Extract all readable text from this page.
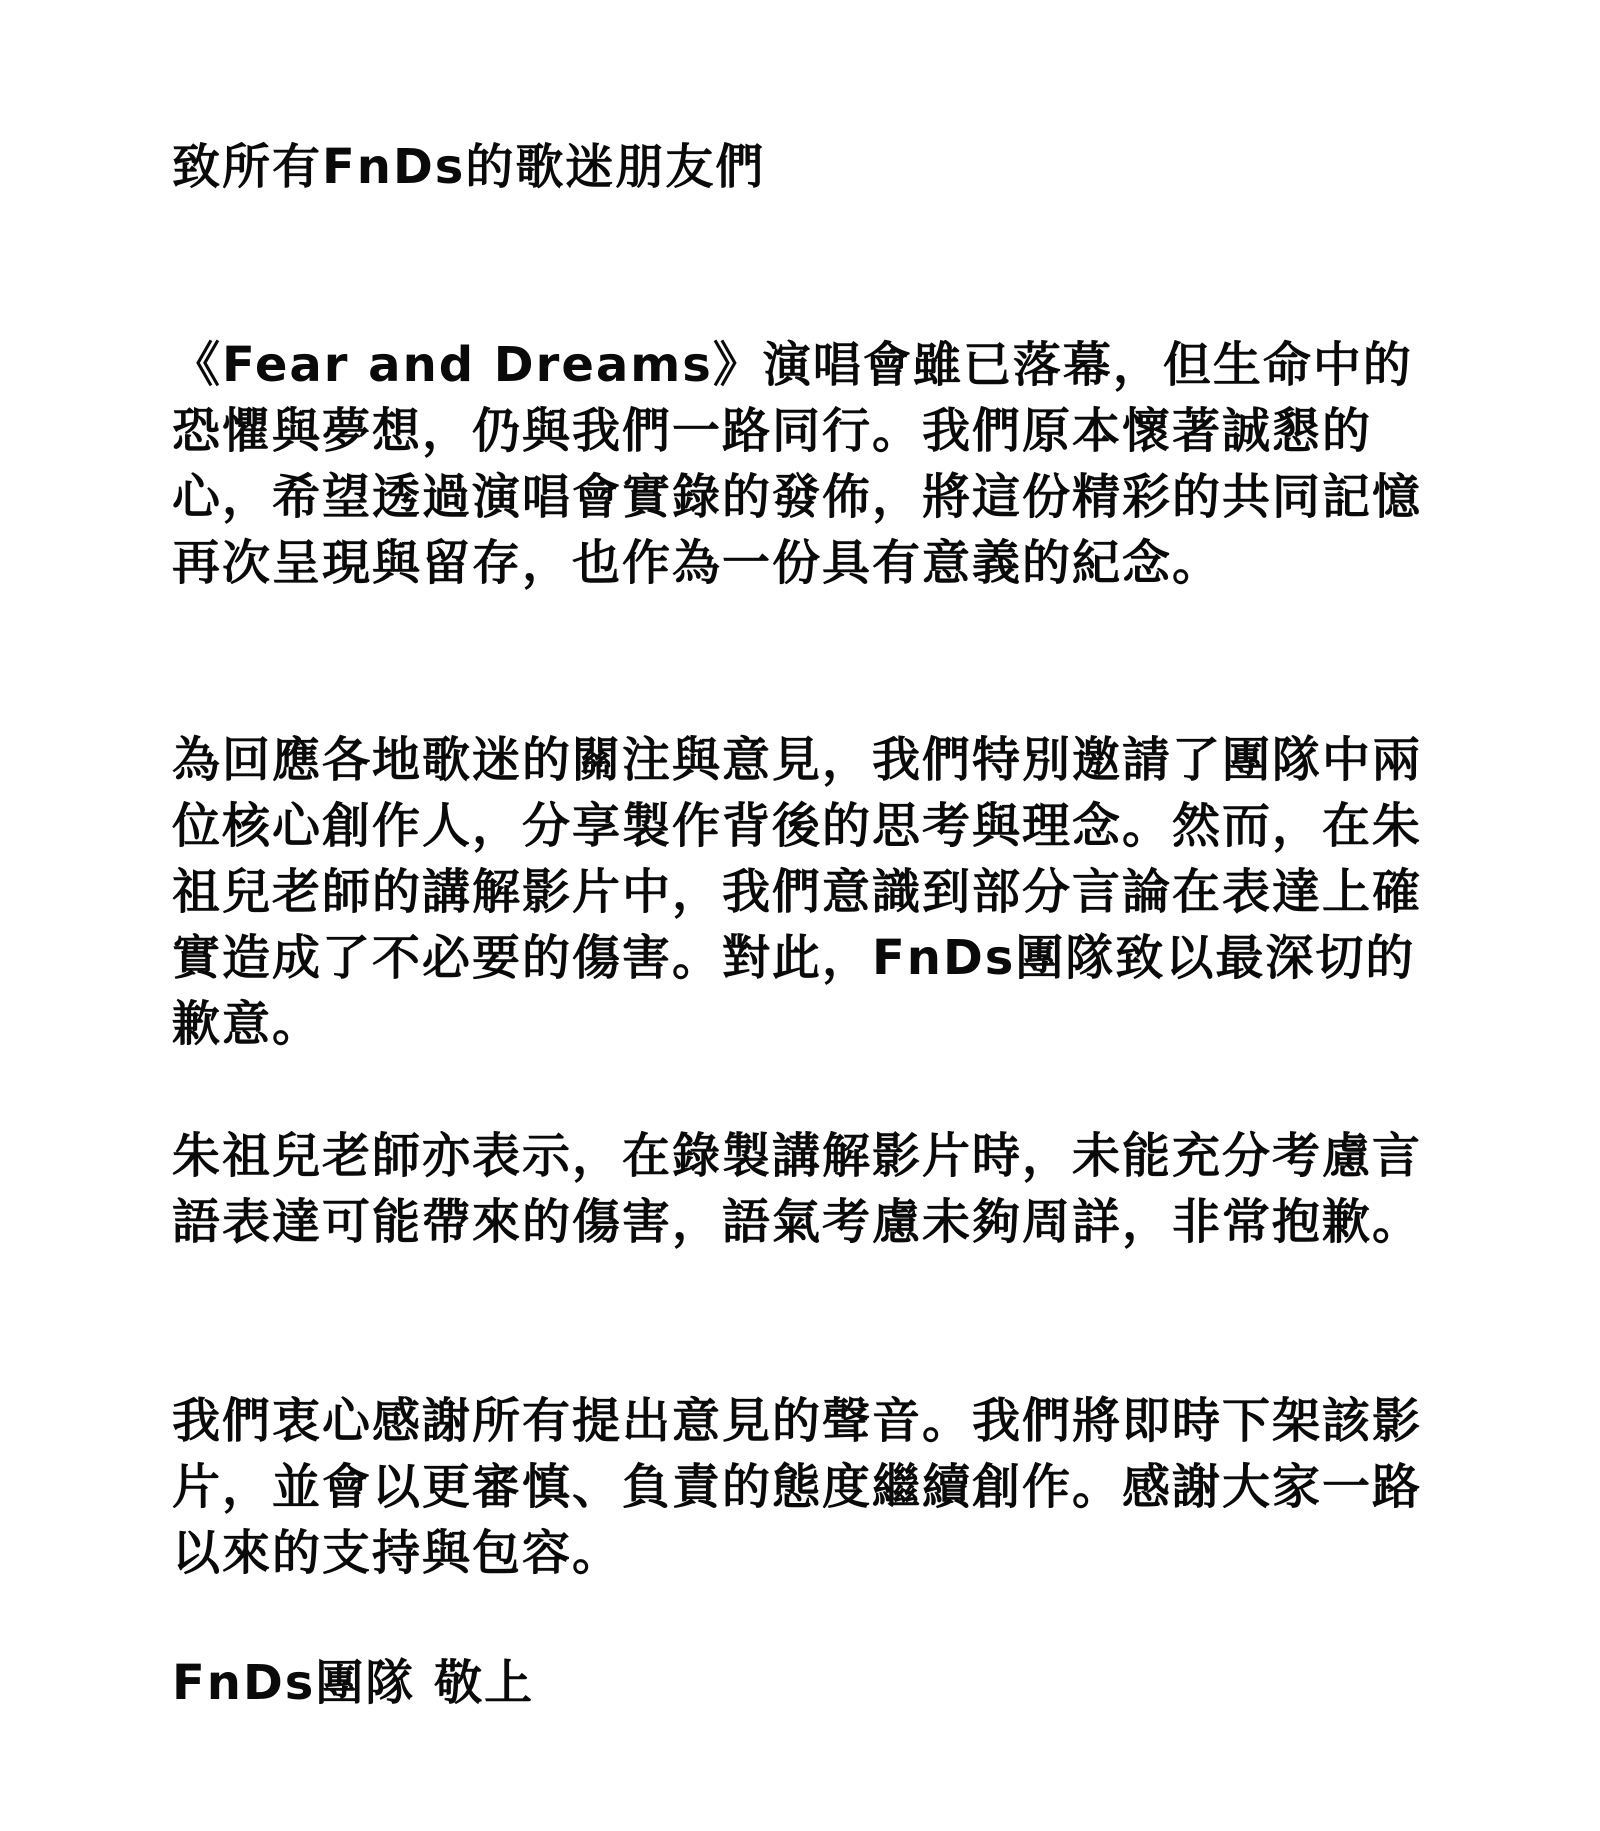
致所有FnDs的歌迷朋友們

《Fear and Dreams》演唱會雖已落幕，但生命中的恐懼與夢想，仍與我們一路同行。我們原本懷著誠懇的心，希望透過演唱會實錄的發佈，將這份精彩的共同記憶再次呈現與留存，也作為一份具有意義的紀念。

為回應各地歌迷的關注與意見，我們特別邀請了團隊中兩位核心創作人，分享製作背後的思考與理念。然而，在朱祖兒老師的講解影片中，我們意識到部分言論在表達上確實造成了不必要的傷害。對此，FnDs團隊致以最深切的歉意。

朱祖兒老師亦表示，在錄製講解影片時，未能充分考慮言語表達可能帶來的傷害，語氣考慮未夠周詳，非常抱歉。

我們衷心感謝所有提出意見的聲音。我們將即時下架該影片，並會以更審慎、負責的態度繼續創作。感謝大家一路以來的支持與包容。

FnDs團隊 敬上
